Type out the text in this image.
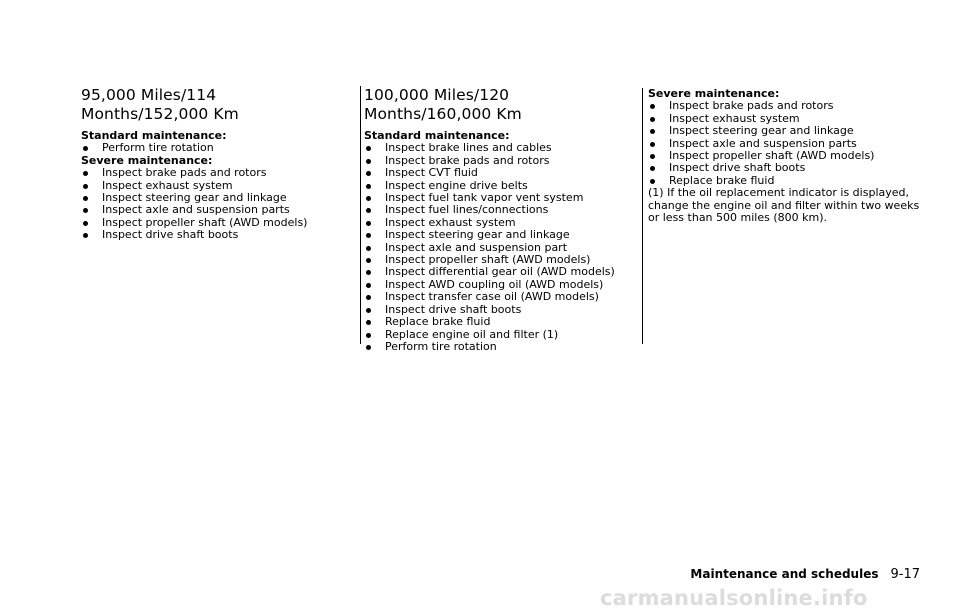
95,000 Miles/114 Months/152,000 Km

Standard maintenance:

Perform tire rotation

Severe maintenance:

Inspect brake pads and rotors
Inspect exhaust system
Inspect steering gear and linkage
Inspect axle and suspension parts
Inspect propeller shaft (AWD models)
Inspect drive shaft boots
100,000 Miles/120 Months/160,000 Km

Standard maintenance:

Inspect brake lines and cables
Inspect brake pads and rotors
Inspect CVT fluid
Inspect engine drive belts
Inspect fuel tank vapor vent system
Inspect fuel lines/connections
Inspect exhaust system
Inspect steering gear and linkage
Inspect axle and suspension part
Inspect propeller shaft (AWD models)
Inspect differential gear oil (AWD models)
Inspect AWD coupling oil (AWD models)
Inspect transfer case oil (AWD models)
Inspect drive shaft boots
Replace brake fluid
Replace engine oil and filter (1)
Perform tire rotation

Severe maintenance:

Inspect brake pads and rotors
Inspect exhaust system
Inspect steering gear and linkage
Inspect axle and suspension parts
Inspect propeller shaft (AWD models)
Inspect drive shaft boots
Replace brake fluid

(1) If the oil replacement indicator is displayed, change the engine oil and filter within two weeks or less than 500 miles (800 km).

Maintenance and schedules 9-17
carmanualsonline.info
